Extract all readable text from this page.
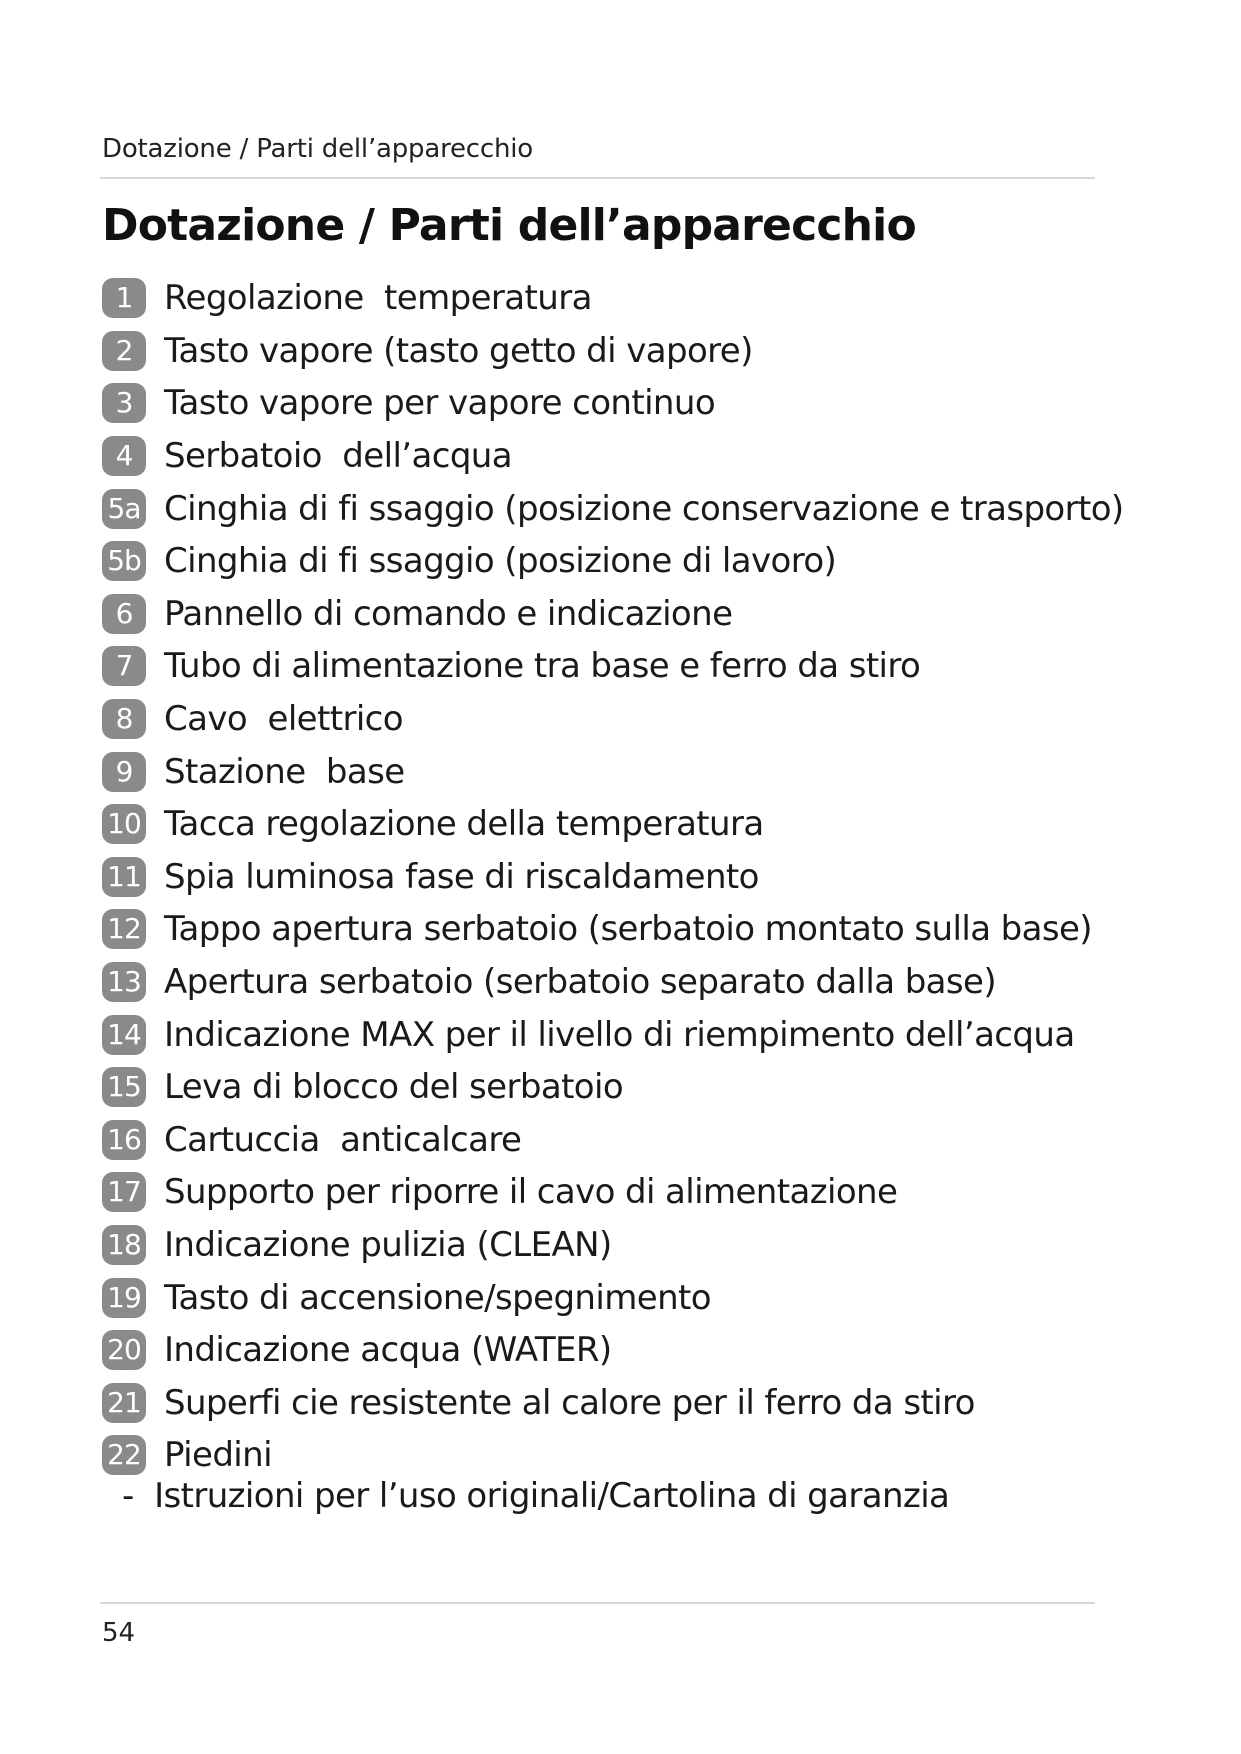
Dotazione / Parti dell’apparecchio
Dotazione / Parti dell’apparecchio
1 Regolazione  temperatura
2 Tasto vapore (tasto getto di vapore)
3 Tasto vapore per vapore continuo
4 Serbatoio  dell’acqua
5a Cinghia di fi ssaggio (posizione conservazione e trasporto)
5b Cinghia di fi ssaggio (posizione di lavoro)
6 Pannello di comando e indicazione
7 Tubo di alimentazione tra base e ferro da stiro
8 Cavo  elettrico
9 Stazione  base
10 Tacca regolazione della temperatura
11 Spia luminosa fase di riscaldamento
12 Tappo apertura serbatoio (serbatoio montato sulla base)
13 Apertura serbatoio (serbatoio separato dalla base)
14 Indicazione MAX per il livello di riempimento dell’acqua
15 Leva di blocco del serbatoio
16 Cartuccia  anticalcare
17 Supporto per riporre il cavo di alimentazione
18 Indicazione pulizia (CLEAN)
19 Tasto di accensione/spegnimento
20 Indicazione acqua (WATER)
21 Superfi cie resistente al calore per il ferro da stiro
22 Piedini
-  Istruzioni per l’uso originali/Cartolina di garanzia
54
